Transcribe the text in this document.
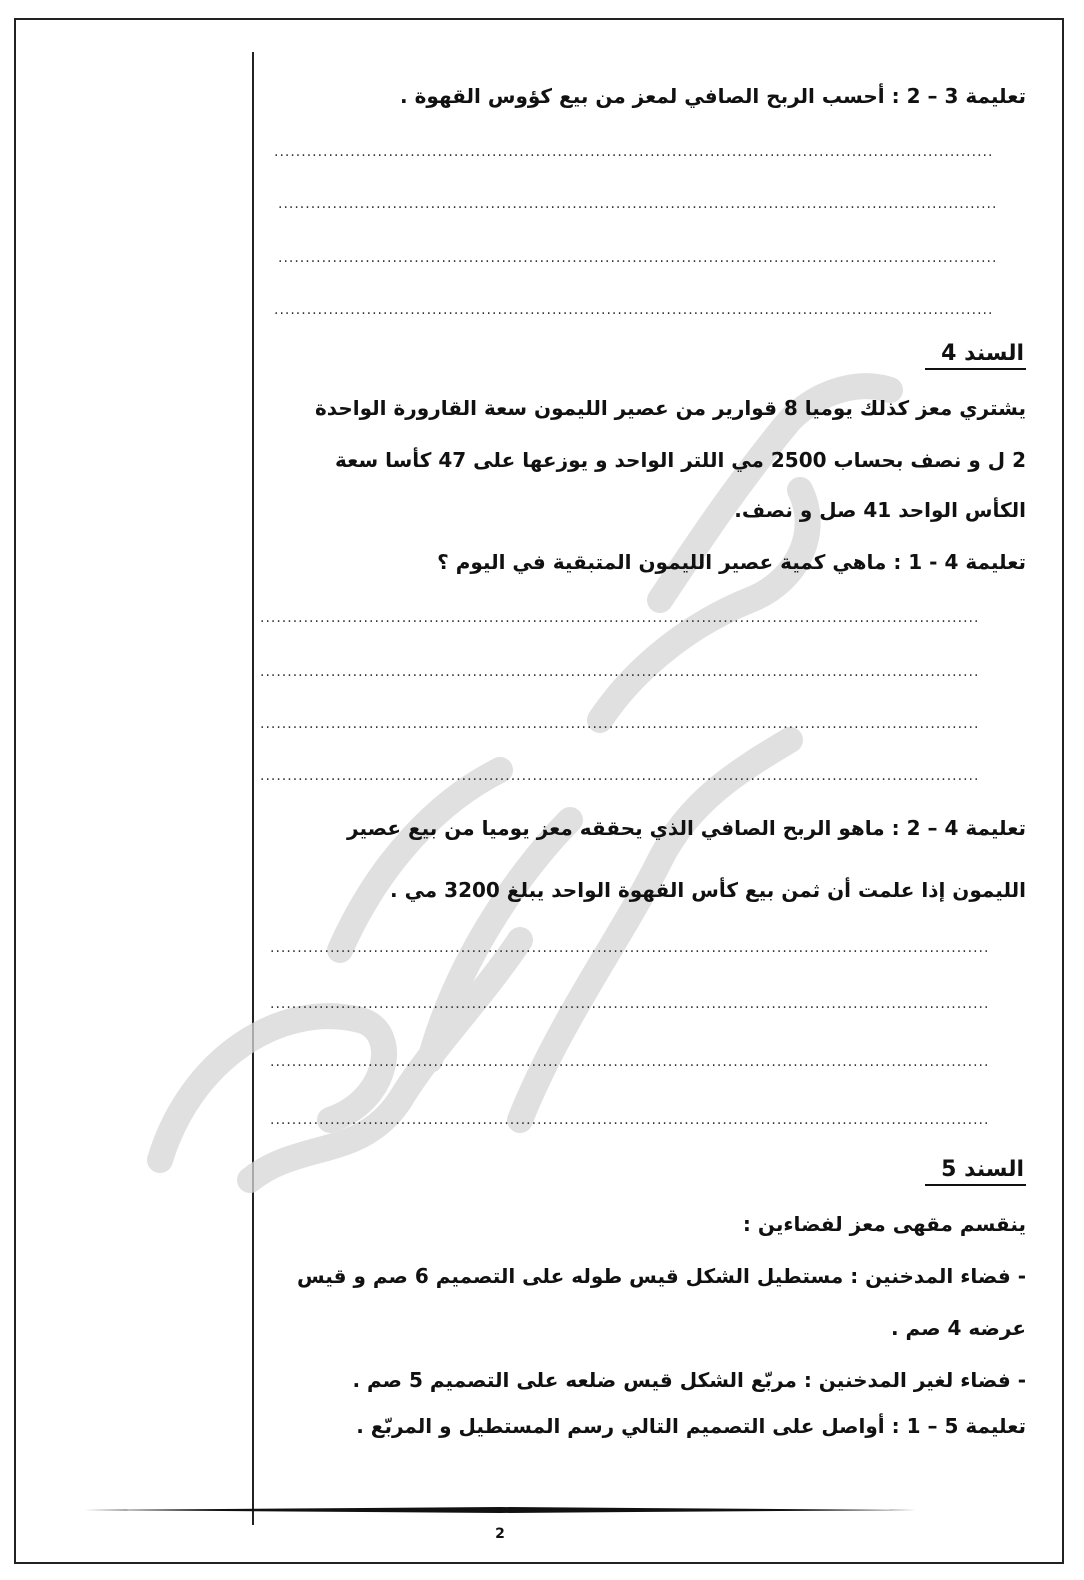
تعليمة 3 – 2 : أحسب الربح الصافي لمعز من بيع كؤوس القهوة .
....................................................................................................................................
....................................................................................................................................
....................................................................................................................................
....................................................................................................................................
السند 4
يشتري معز كذلك يوميا 8 قوارير من عصير الليمون سعة القارورة الواحدة
2 ل و نصف بحساب 2500 مي اللتر الواحد و يوزعها على 47 كأسا سعة
الكأس الواحد 41 صل و نصف.
تعليمة 4 - 1 : ماهي كمية عصير الليمون المتبقية في اليوم ؟
....................................................................................................................................
....................................................................................................................................
....................................................................................................................................
....................................................................................................................................
تعليمة 4 – 2 : ماهو الربح الصافي الذي يحققه معز يوميا من بيع عصير
الليمون إذا علمت أن ثمن بيع كأس القهوة الواحد يبلغ 3200 مي .
....................................................................................................................................
....................................................................................................................................
....................................................................................................................................
....................................................................................................................................
السند 5
ينقسم مقهى معز لفضاءين :
- فضاء المدخنين : مستطيل الشكل قيس طوله على التصميم 6 صم و قيس
عرضه 4 صم .
- فضاء لغير المدخنين : مربّع الشكل قيس ضلعه على التصميم 5 صم .
تعليمة 5 – 1 : أواصل على التصميم التالي رسم المستطيل و المربّع .
2
